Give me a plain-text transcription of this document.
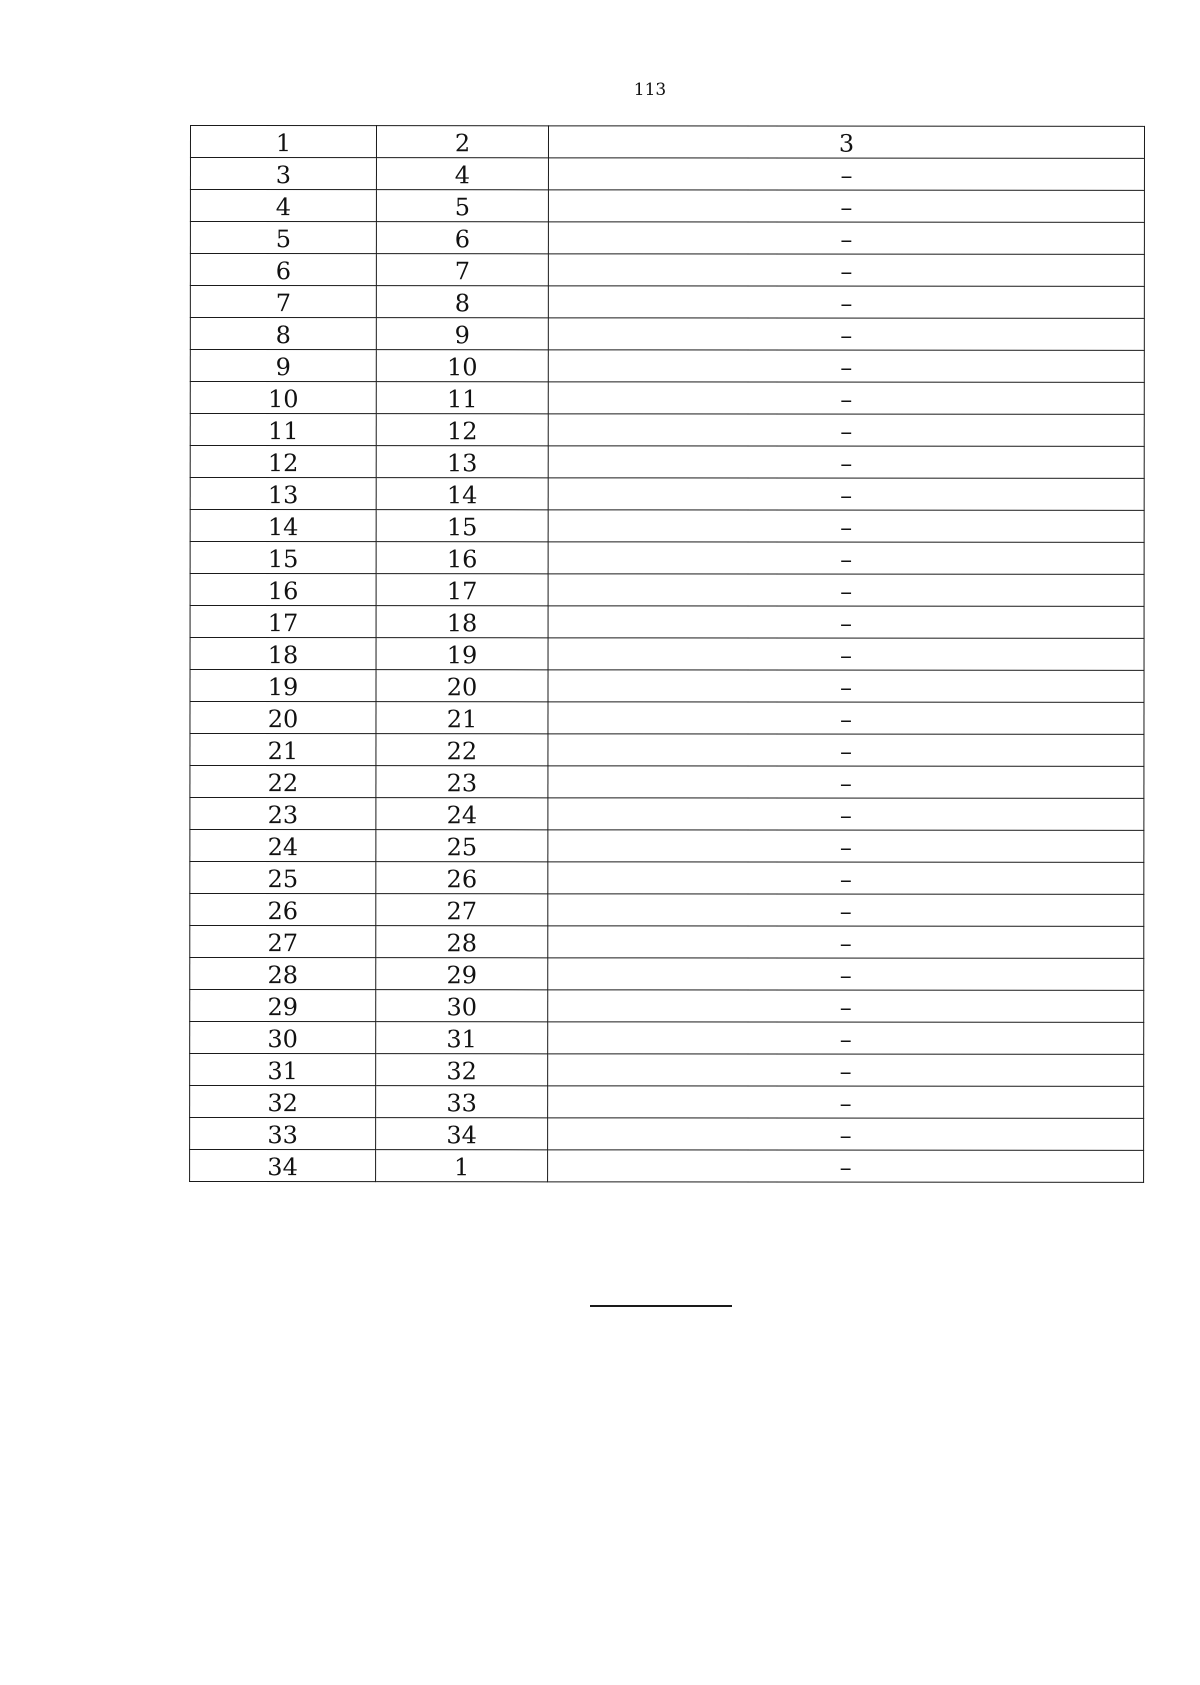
113
1	2	3
3	4	–
4	5	–
5	6	–
6	7	–
7	8	–
8	9	–
9	10	–
10	11	–
11	12	–
12	13	–
13	14	–
14	15	–
15	16	–
16	17	–
17	18	–
18	19	–
19	20	–
20	21	–
21	22	–
22	23	–
23	24	–
24	25	–
25	26	–
26	27	–
27	28	–
28	29	–
29	30	–
30	31	–
31	32	–
32	33	–
33	34	–
34	1	–
